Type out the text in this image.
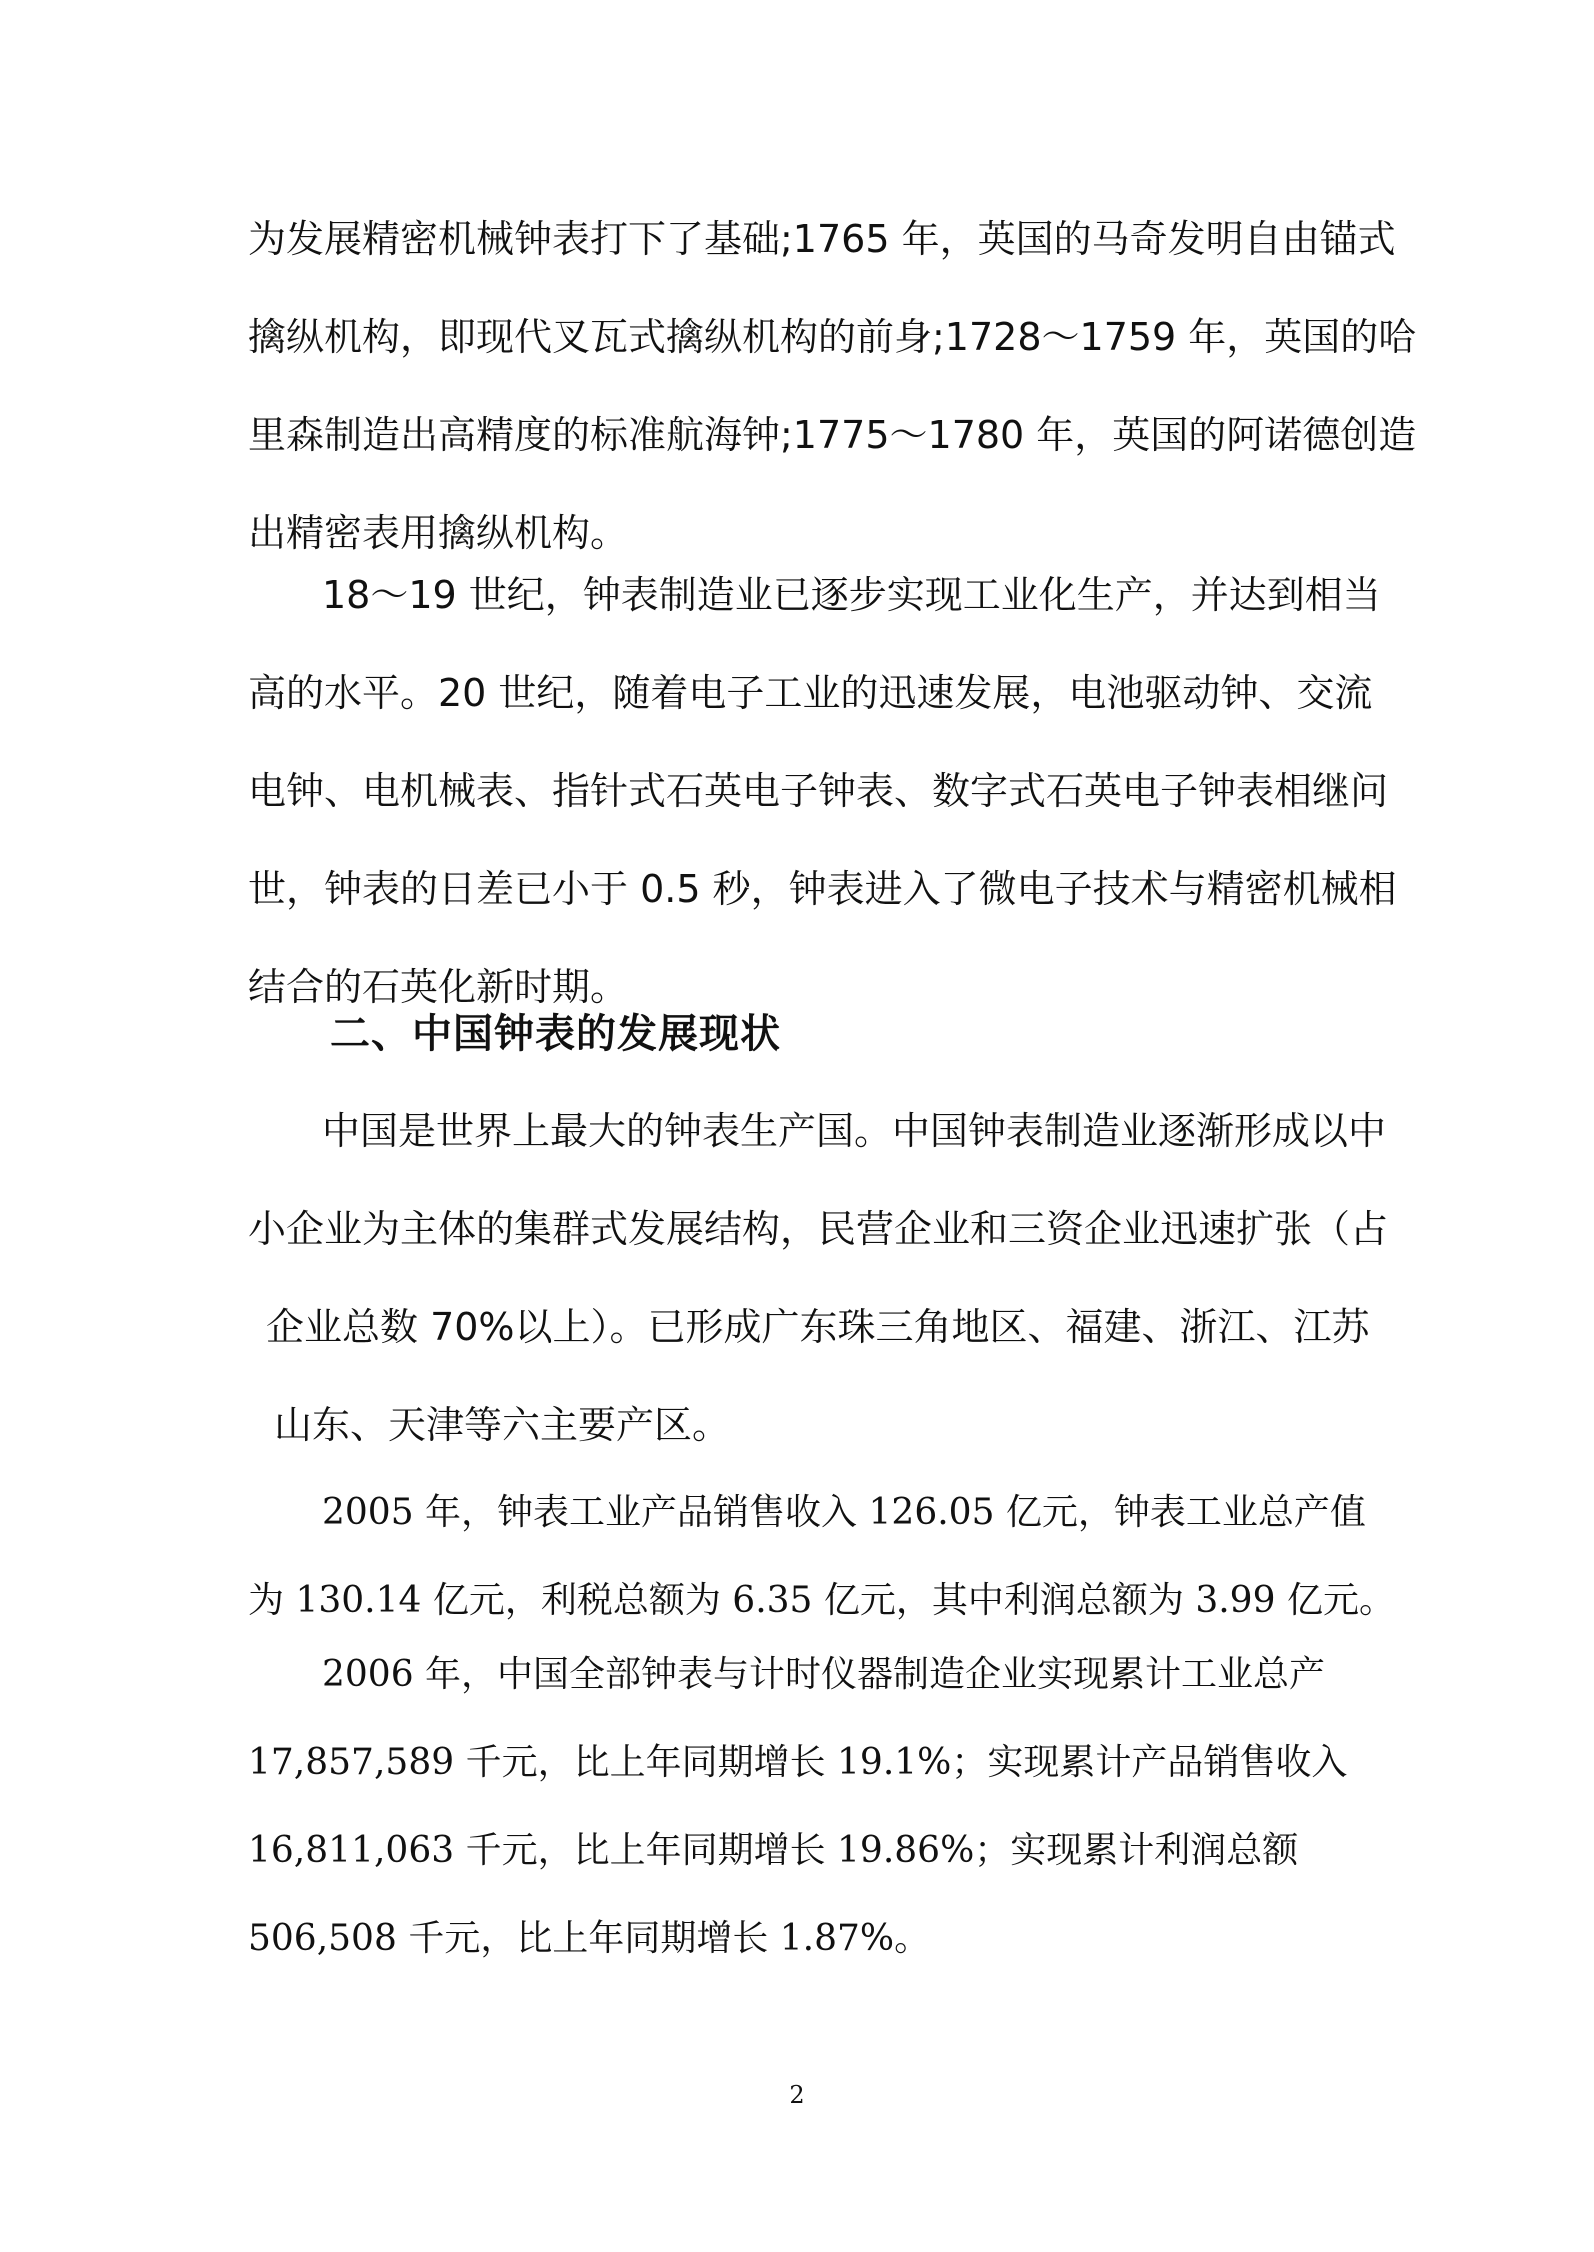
为发展精密机械钟表打下了基础;1765 年，英国的马奇发明自由锚式
擒纵机构，即现代叉瓦式擒纵机构的前身;1728～1759 年，英国的哈
里森制造出高精度的标准航海钟;1775～1780 年，英国的阿诺德创造
出精密表用擒纵机构。
18～19 世纪，钟表制造业已逐步实现工业化生产，并达到相当
高的水平。20 世纪，随着电子工业的迅速发展，电池驱动钟、交流
电钟、电机械表、指针式石英电子钟表、数字式石英电子钟表相继问
世，钟表的日差已小于 0.5 秒，钟表进入了微电子技术与精密机械相
结合的石英化新时期。
二、中国钟表的发展现状
中国是世界上最大的钟表生产国。中国钟表制造业逐渐形成以中
小企业为主体的集群式发展结构，民营企业和三资企业迅速扩张（占
企业总数 70%以上）。已形成广东珠三角地区、福建、浙江、江苏
山东、天津等六主要产区。
2005 年，钟表工业产品销售收入 126.05 亿元，钟表工业总产值
为 130.14 亿元，利税总额为 6.35 亿元，其中利润总额为 3.99 亿元。
2006 年，中国全部钟表与计时仪器制造企业实现累计工业总产
17,857,589 千元，比上年同期增长 19.1%；实现累计产品销售收入
16,811,063 千元，比上年同期增长 19.86%；实现累计利润总额
506,508 千元，比上年同期增长 1.87%。
2
